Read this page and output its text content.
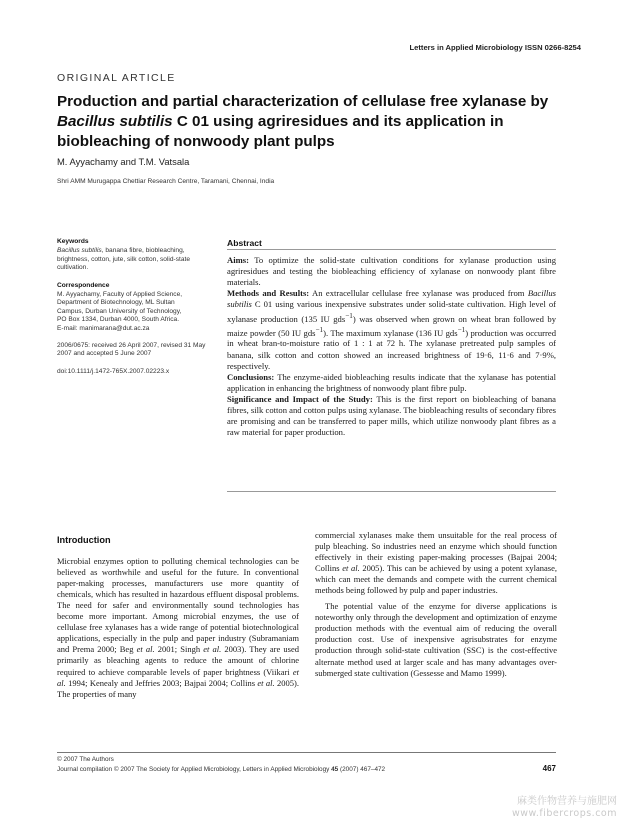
Letters in Applied Microbiology ISSN 0266-8254
ORIGINAL ARTICLE
Production and partial characterization of cellulase free xylanase by Bacillus subtilis C 01 using agriresidues and its application in biobleaching of nonwoody plant pulps
M. Ayyachamy and T.M. Vatsala
Shri AMM Murugappa Chettiar Research Centre, Taramani, Chennai, India
Keywords

Bacillus subtilis, banana fibre, biobleaching, brightness, cotton, jute, silk cotton, solid-state cultivation.

Correspondence

M. Ayyachamy, Faculty of Applied Science,

Department of Biotechnology, ML Sultan

Campus, Durban University of Technology,

PO Box 1334, Durban 4000, South Africa.

E-mail: manimarana@dut.ac.za

2006/0675: received 26 April 2007, revised 31 May 2007 and accepted 5 June 2007

doi:10.1111/j.1472-765X.2007.02223.x

Abstract

Aims: To optimize the solid-state cultivation conditions for xylanase production using agriresidues and testing the biobleaching efficiency of xylanase on nonwoody plant fibre materials.

Methods and Results: An extracellular cellulase free xylanase was produced from Bacillus subtilis C 01 using various inexpensive substrates under solid-state cultivation. High level of xylanase production (135 IU gds$^{-1}$) was observed when grown on wheat bran followed by maize powder (50 IU gds$^{-1}$). The maximum xylanase (136 IU gds$^{-1}$) production was occurred in wheat bran-to-moisture ratio of 1 : 1 at 72 h. The xylanase pretreated pulp samples of banana, silk cotton and cotton showed an increased brightness of 19·6, 11·6 and 7·9%, respectively.

Conclusions: The enzyme-aided biobleaching results indicate that the xylanase has potential application in enhancing the brightness of nonwoody plant fibre pulp.

Significance and Impact of the Study: This is the first report on biobleaching of banana fibres, silk cotton and cotton pulps using xylanase. The biobleaching results of secondary fibres are promising and can be transferred to paper mills, which utilize nonwoody plant fibres as a raw material for paper production.

Introduction

Microbial enzymes option to polluting chemical technologies can be believed as worthwhile and useful for the future. In conventional paper-making processes, manufacturers use more quantity of chemicals, which has resulted in hazardous effluent disposal problems. The need for safer and environmentally sound technologies has become more important. Among microbial enzymes, the use of cellulase free xylanases has a wide range of potential biotechnological applications, especially in the pulp and paper industry (Subramaniam and Prema 2000; Beg et al. 2001; Singh et al. 2003). They are used primarily as bleaching agents to reduce the amount of chlorine required to achieve comparable levels of paper brightness (Viikari et al. 1994; Kenealy and Jeffries 2003; Bajpai 2004; Collins et al. 2005). The properties of many

commercial xylanases make them unsuitable for the real process of pulp bleaching. So industries need an enzyme which should function effectively in their existing paper-making processes (Bajpai 2004; Collins et al. 2005). This can be achieved by using a potent xylanase, which can meet the demands and compete with the current chemical methods being followed by pulp and paper industries.

The potential value of the enzyme for diverse applications is noteworthy only through the development and optimization of enzyme production methods with the eventual aim of reducing the overall production cost. Use of inexpensive agrisubstrates for enzyme production through solid-state cultivation (SSC) is the cost-effective alternate method used at larger scale and has many advantages over-submerged state cultivation (Gessesse and Mamo 1999).

© 2007 The Authors
Journal compilation © 2007 The Society for Applied Microbiology, Letters in Applied Microbiology 45 (2007) 467–472	467
麻类作物营养与施肥网
www.fibercrops.com
